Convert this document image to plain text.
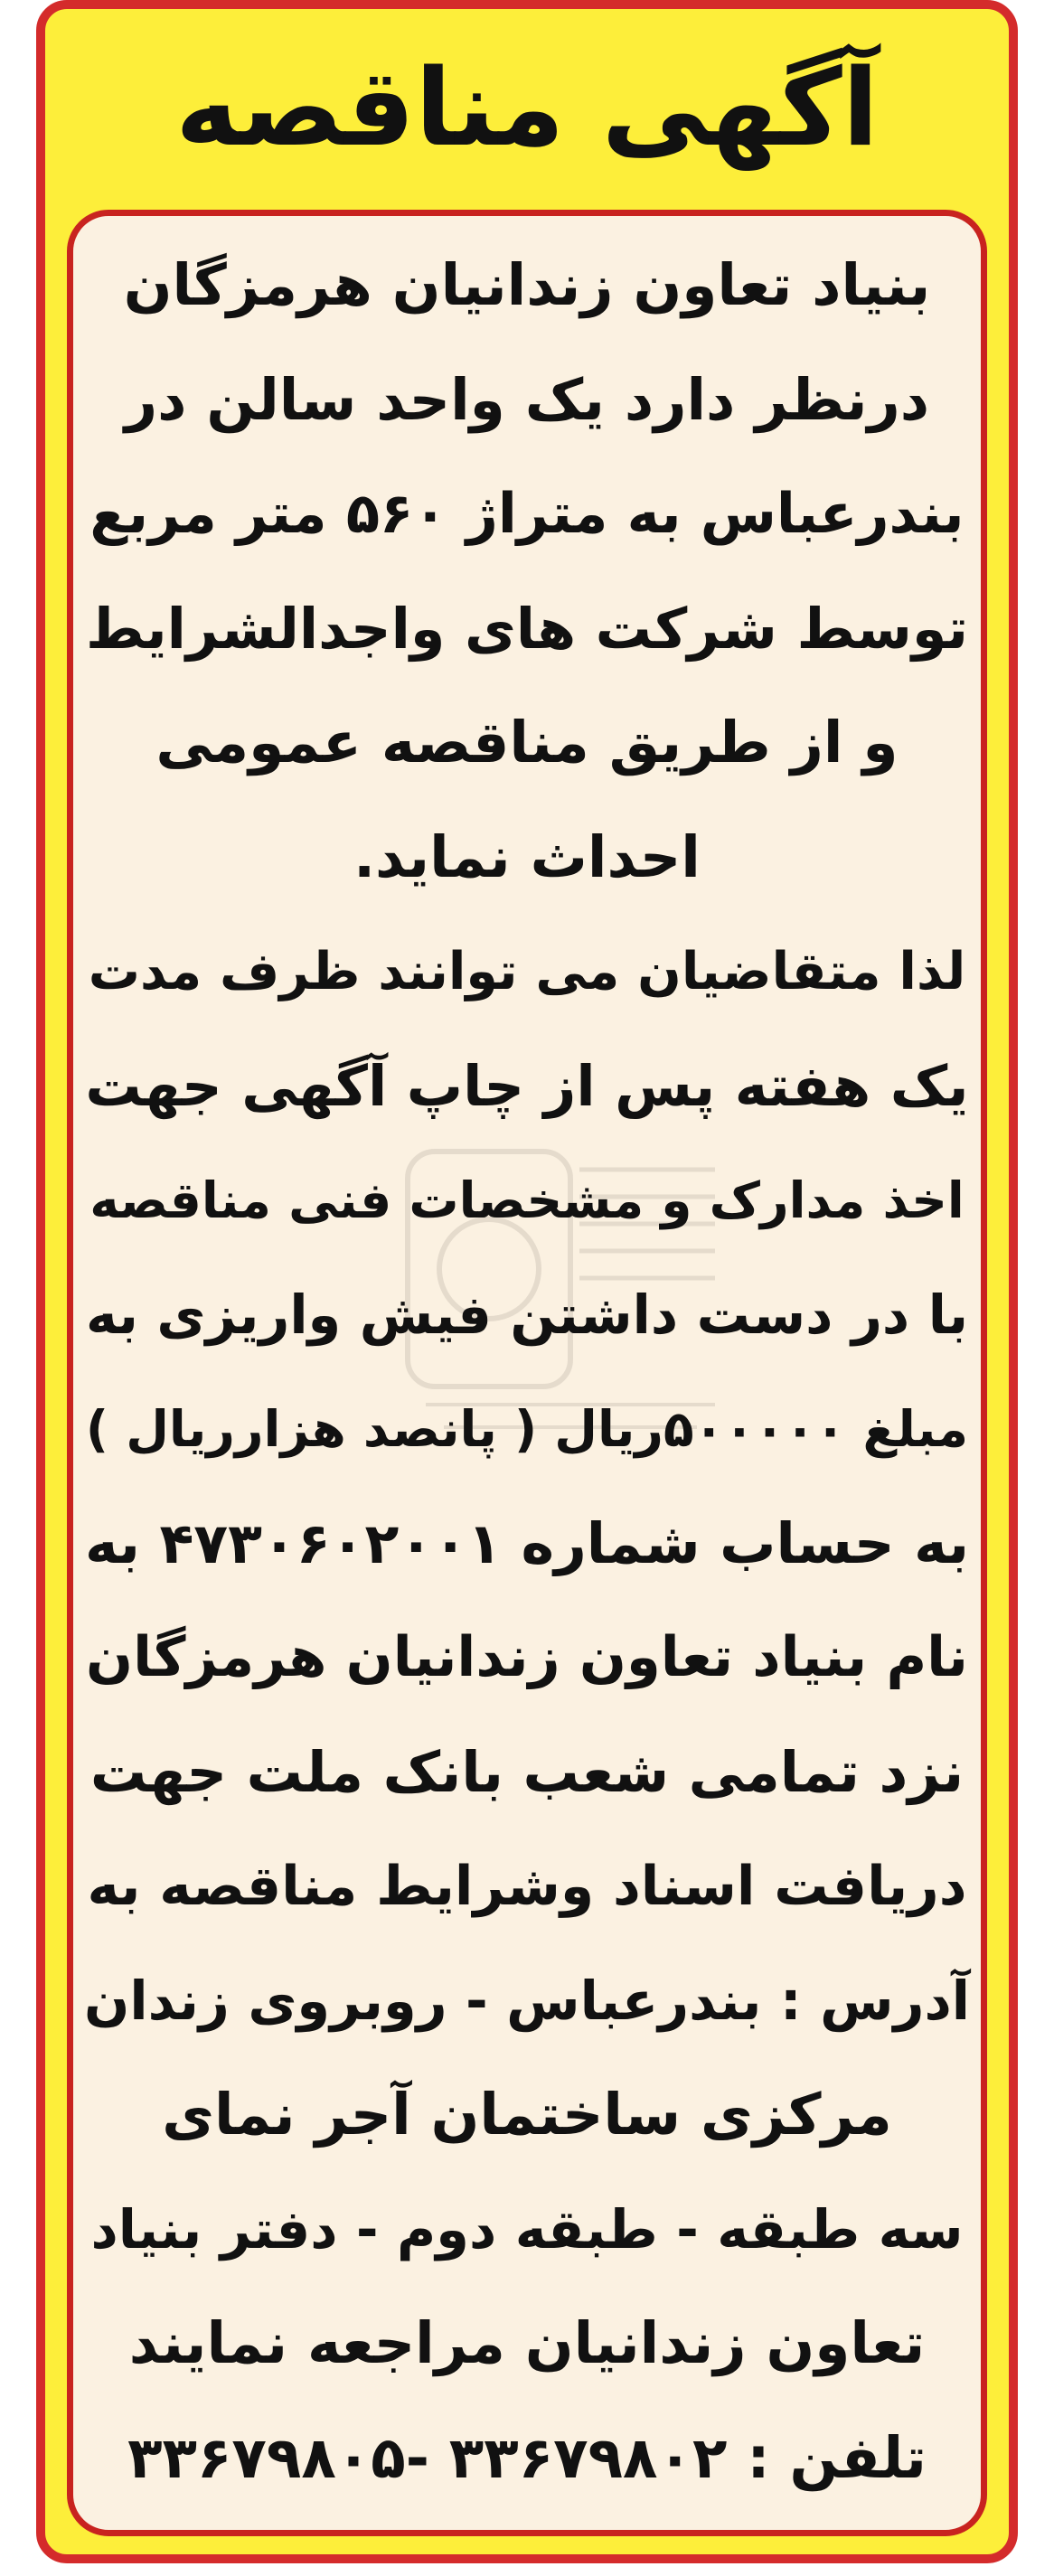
آگهی مناقصه
بنیاد تعاون زندانیان هرمزگان
درنظر دارد یک واحد سالن در
بندرعباس به متراژ ۵۶۰ متر مربع
توسط شرکت های واجدالشرایط
و از طریق مناقصه عمومی
احداث نماید.
لذا متقاضیان می توانند ظرف مدت
یک هفته پس از چاپ آگهی جهت
اخذ مدارک و مشخصات فنی مناقصه
با در دست داشتن فیش واریزی به
مبلغ ۵۰۰۰۰۰ریال ( پانصد هزارریال )
به حساب شماره ۴۷۳۰۶۰۲۰۰۱ به
نام بنیاد تعاون زندانیان هرمزگان
نزد تمامی شعب بانک ملت جهت
دریافت اسناد وشرایط مناقصه به
آدرس : بندرعباس - روبروی زندان
مرکزی ساختمان آجر نمای
سه طبقه - طبقه دوم - دفتر بنیاد
تعاون زندانیان مراجعه نمایند
تلفن : ۳۳۶۷۹۸۰۲ -۳۳۶۷۹۸۰۵
